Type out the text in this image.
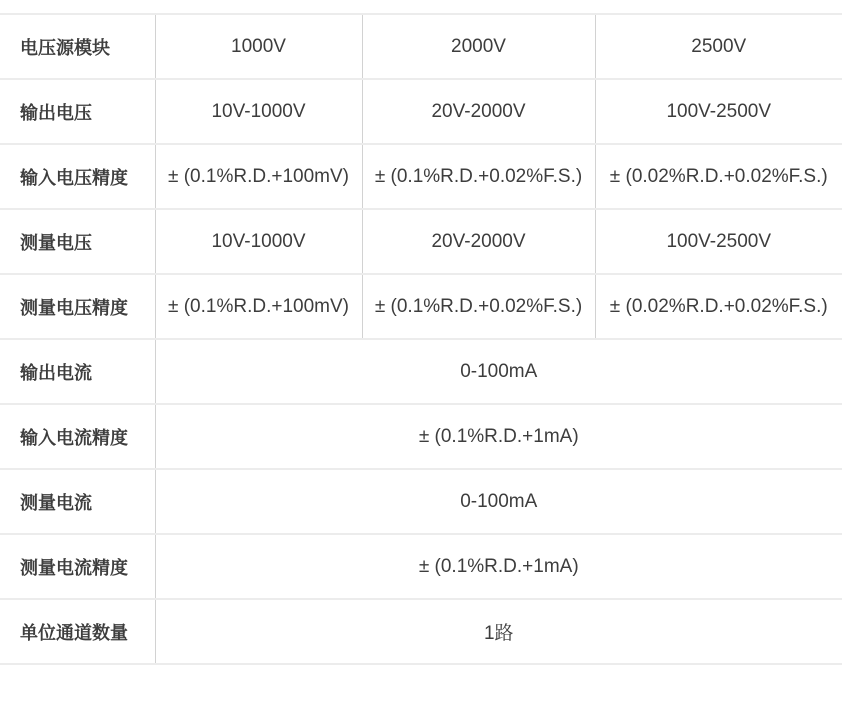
电压源模块	1000V	2000V	2500V
输出电压	10V-1000V	20V-2000V	100V-2500V
输入电压精度	± (0.1%R.D.+100mV)	± (0.1%R.D.+0.02%F.S.)	± (0.02%R.D.+0.02%F.S.)
测量电压	10V-1000V	20V-2000V	100V-2500V
测量电压精度	± (0.1%R.D.+100mV)	± (0.1%R.D.+0.02%F.S.)	± (0.02%R.D.+0.02%F.S.)
输出电流	0-100mA		
输入电流精度	± (0.1%R.D.+1mA)		
测量电流	0-100mA		
测量电流精度	± (0.1%R.D.+1mA)		
单位通道数量	1路		
